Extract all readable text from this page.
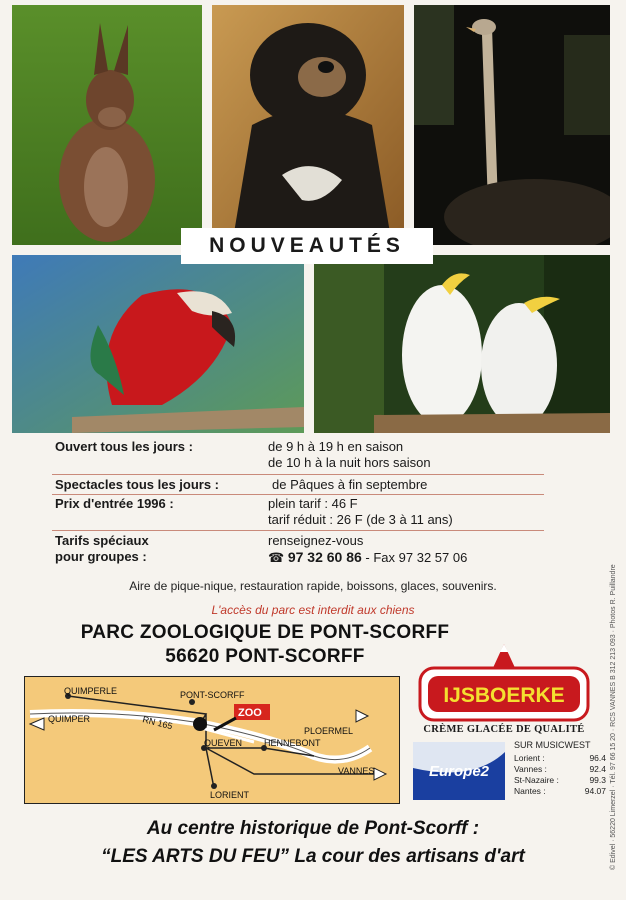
NOUVEAUTÉS
Ouvert tous les jours :	de 9 h à 19 h en saison
de 10 h à la nuit hors saison
Spectacles tous les jours :	de Pâques à fin septembre
Prix d'entrée 1996 :	plein tarif : 46 F
tarif réduit : 26 F (de 3 à 11 ans)
Tarifs spéciaux
pour groupes :
renseignez-vous
☎ 97 32 60 86 - Fax 97 32 57 06
Aire de pique-nique, restauration rapide, boissons, glaces, souvenirs.
L'accès du parc est interdit aux chiens
PARC ZOOLOGIQUE DE PONT-SCORFF
56620 PONT-SCORFF
QUIMPERLE	PONT-SCORFF
QUIMPER	RN 165
ZOO
PLOERMEL
QUEVEN HENNEBONT
VANNES
LORIENT
IJSBOERKE
CRÈME GLACÉE DE QUALITÉ
Europe2
SUR MUSICWEST
Lorient :	96.4
Vannes :	92.4
St-Nazaire :	99.3
Nantes :	94.07
Au centre historique de Pont-Scorff :
“LES ARTS DU FEU” La cour des artisans d'art	© Edivel · 56220 Limerzel · Tél. 97 66 15 20 · RCS VANNES B 312 213 093 · Photos R. Puillandre
